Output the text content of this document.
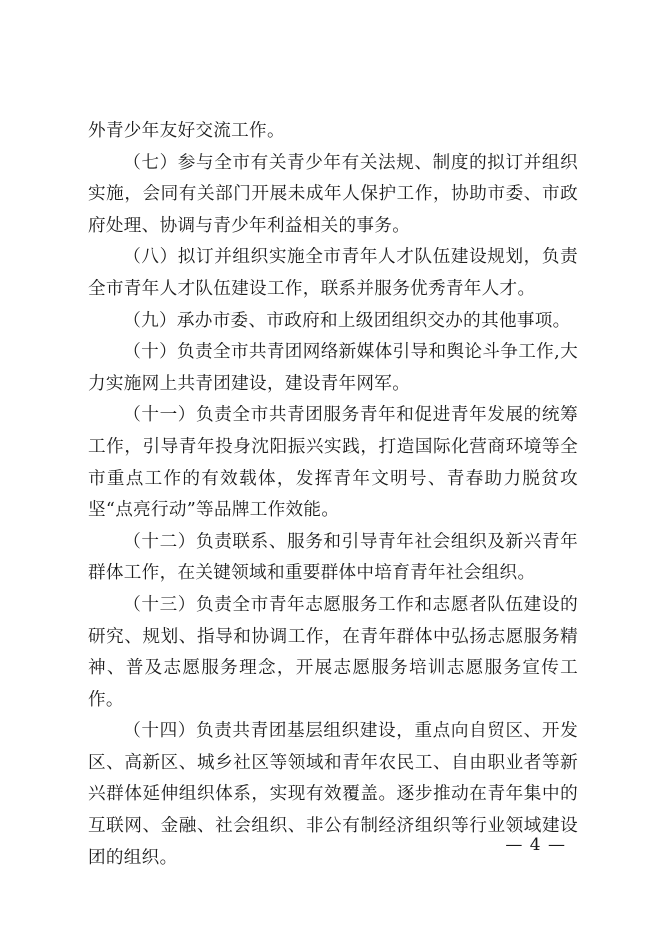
外青少年友好交流工作。

（七）参与全市有关青少年有关法规、制度的拟订并组织实施，会同有关部门开展未成年人保护工作，协助市委、市政府处理、协调与青少年利益相关的事务。

（八）拟订并组织实施全市青年人才队伍建设规划，负责全市青年人才队伍建设工作，联系并服务优秀青年人才。

（九）承办市委、市政府和上级团组织交办的其他事项。

（十）负责全市共青团网络新媒体引导和舆论斗争工作,大力实施网上共青团建设，建设青年网军。

（十一）负责全市共青团服务青年和促进青年发展的统筹工作，引导青年投身沈阳振兴实践，打造国际化营商环境等全市重点工作的有效载体，发挥青年文明号、青春助力脱贫攻坚“点亮行动”等品牌工作效能。

（十二）负责联系、服务和引导青年社会组织及新兴青年群体工作，在关键领域和重要群体中培育青年社会组织。

（十三）负责全市青年志愿服务工作和志愿者队伍建设的研究、规划、指导和协调工作，在青年群体中弘扬志愿服务精神、普及志愿服务理念，开展志愿服务培训志愿服务宣传工作。

（十四）负责共青团基层组织建设，重点向自贸区、开发区、高新区、城乡社区等领域和青年农民工、自由职业者等新兴群体延伸组织体系，实现有效覆盖。逐步推动在青年集中的互联网、金融、社会组织、非公有制经济组织等行业领域建设团的组织。

— 4 —
